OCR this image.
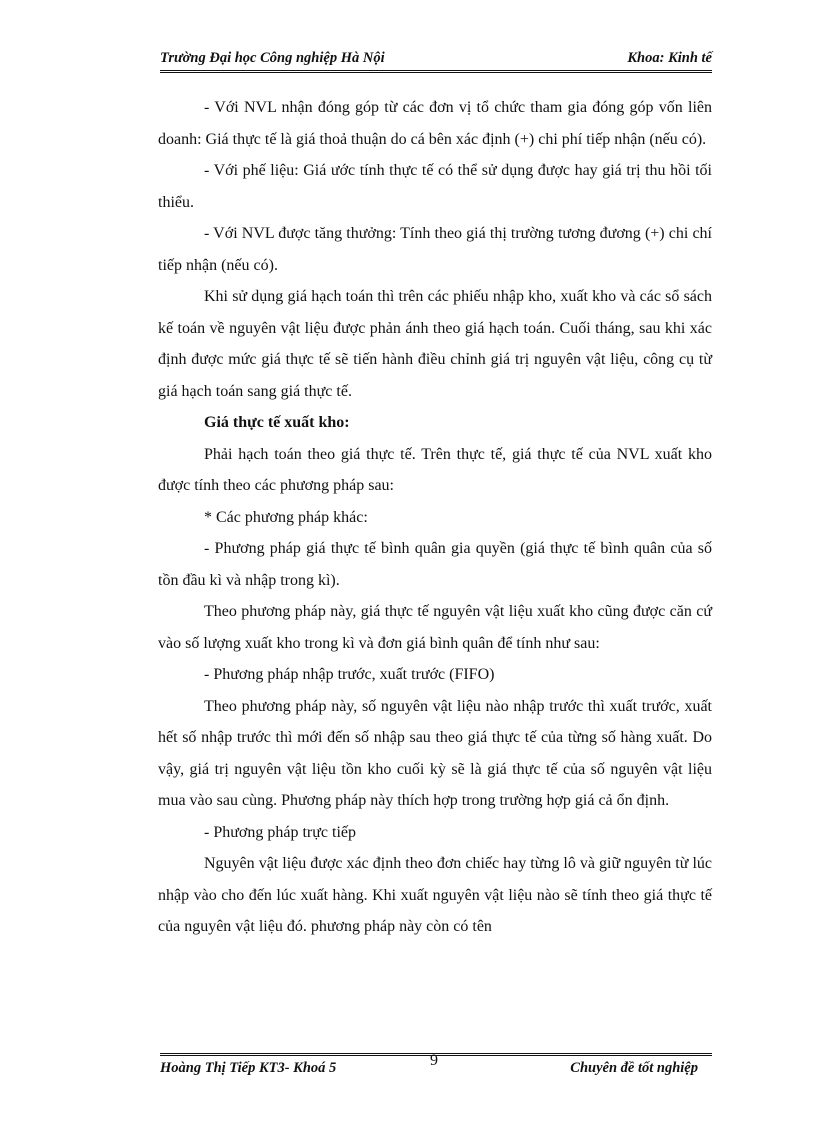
Trường Đại học Công nghiệp Hà Nội	Khoa: Kinh tế

- Với NVL nhận đóng góp từ các đơn vị tổ chức tham gia đóng góp vốn liên doanh: Giá thực tế là giá thoả thuận do cá bên xác định (+) chi phí tiếp nhận (nếu có).

- Với phế liệu: Giá ước tính thực tế có thể sử dụng được hay giá trị thu hồi tối thiểu.

- Với NVL được tăng thưởng: Tính theo giá thị trường tương đương (+) chi chí tiếp nhận (nếu có).

Khi sử dụng giá hạch toán thì trên các phiếu nhập kho, xuất kho và các sổ sách kế toán về nguyên vật liệu được phản ánh theo giá hạch toán. Cuối tháng, sau khi xác định được mức giá thực tế sẽ tiến hành điều chỉnh giá trị nguyên vật liệu, công cụ từ giá hạch toán sang giá thực tế.

Giá thực tế xuất kho:

Phải hạch toán theo giá thực tế. Trên thực tế, giá thực tế của NVL xuất kho được tính theo các phương pháp sau:

* Các phương pháp khác:

- Phương pháp giá thực tế bình quân gia quyền (giá thực tế bình quân của số tồn đầu kì và nhập trong kì).

Theo phương pháp này, giá thực tế nguyên vật liệu xuất kho cũng được căn cứ vào số lượng xuất kho trong kì và đơn giá bình quân để tính như sau:

- Phương pháp nhập trước, xuất trước (FIFO)

Theo phương pháp này, số nguyên vật liệu nào nhập trước thì xuất trước, xuất hết số nhập trước thì mới đến số nhập sau theo giá thực tế của từng số hàng xuất. Do vậy, giá trị nguyên vật liệu tồn kho cuối kỳ sẽ là giá thực tế của số nguyên vật liệu mua vào sau cùng. Phương pháp này thích hợp trong trường hợp giá cả ổn định.

- Phương pháp trực tiếp

Nguyên vật liệu được xác định theo đơn chiếc hay từng lô và giữ nguyên từ lúc nhập vào cho đến lúc xuất hàng. Khi xuất nguyên vật liệu nào sẽ tính theo giá thực tế của nguyên vật liệu đó. phương pháp này còn có tên

Hoàng Thị Tiếp KT3- Khoá 5	9	Chuyên đề tốt nghiệp
